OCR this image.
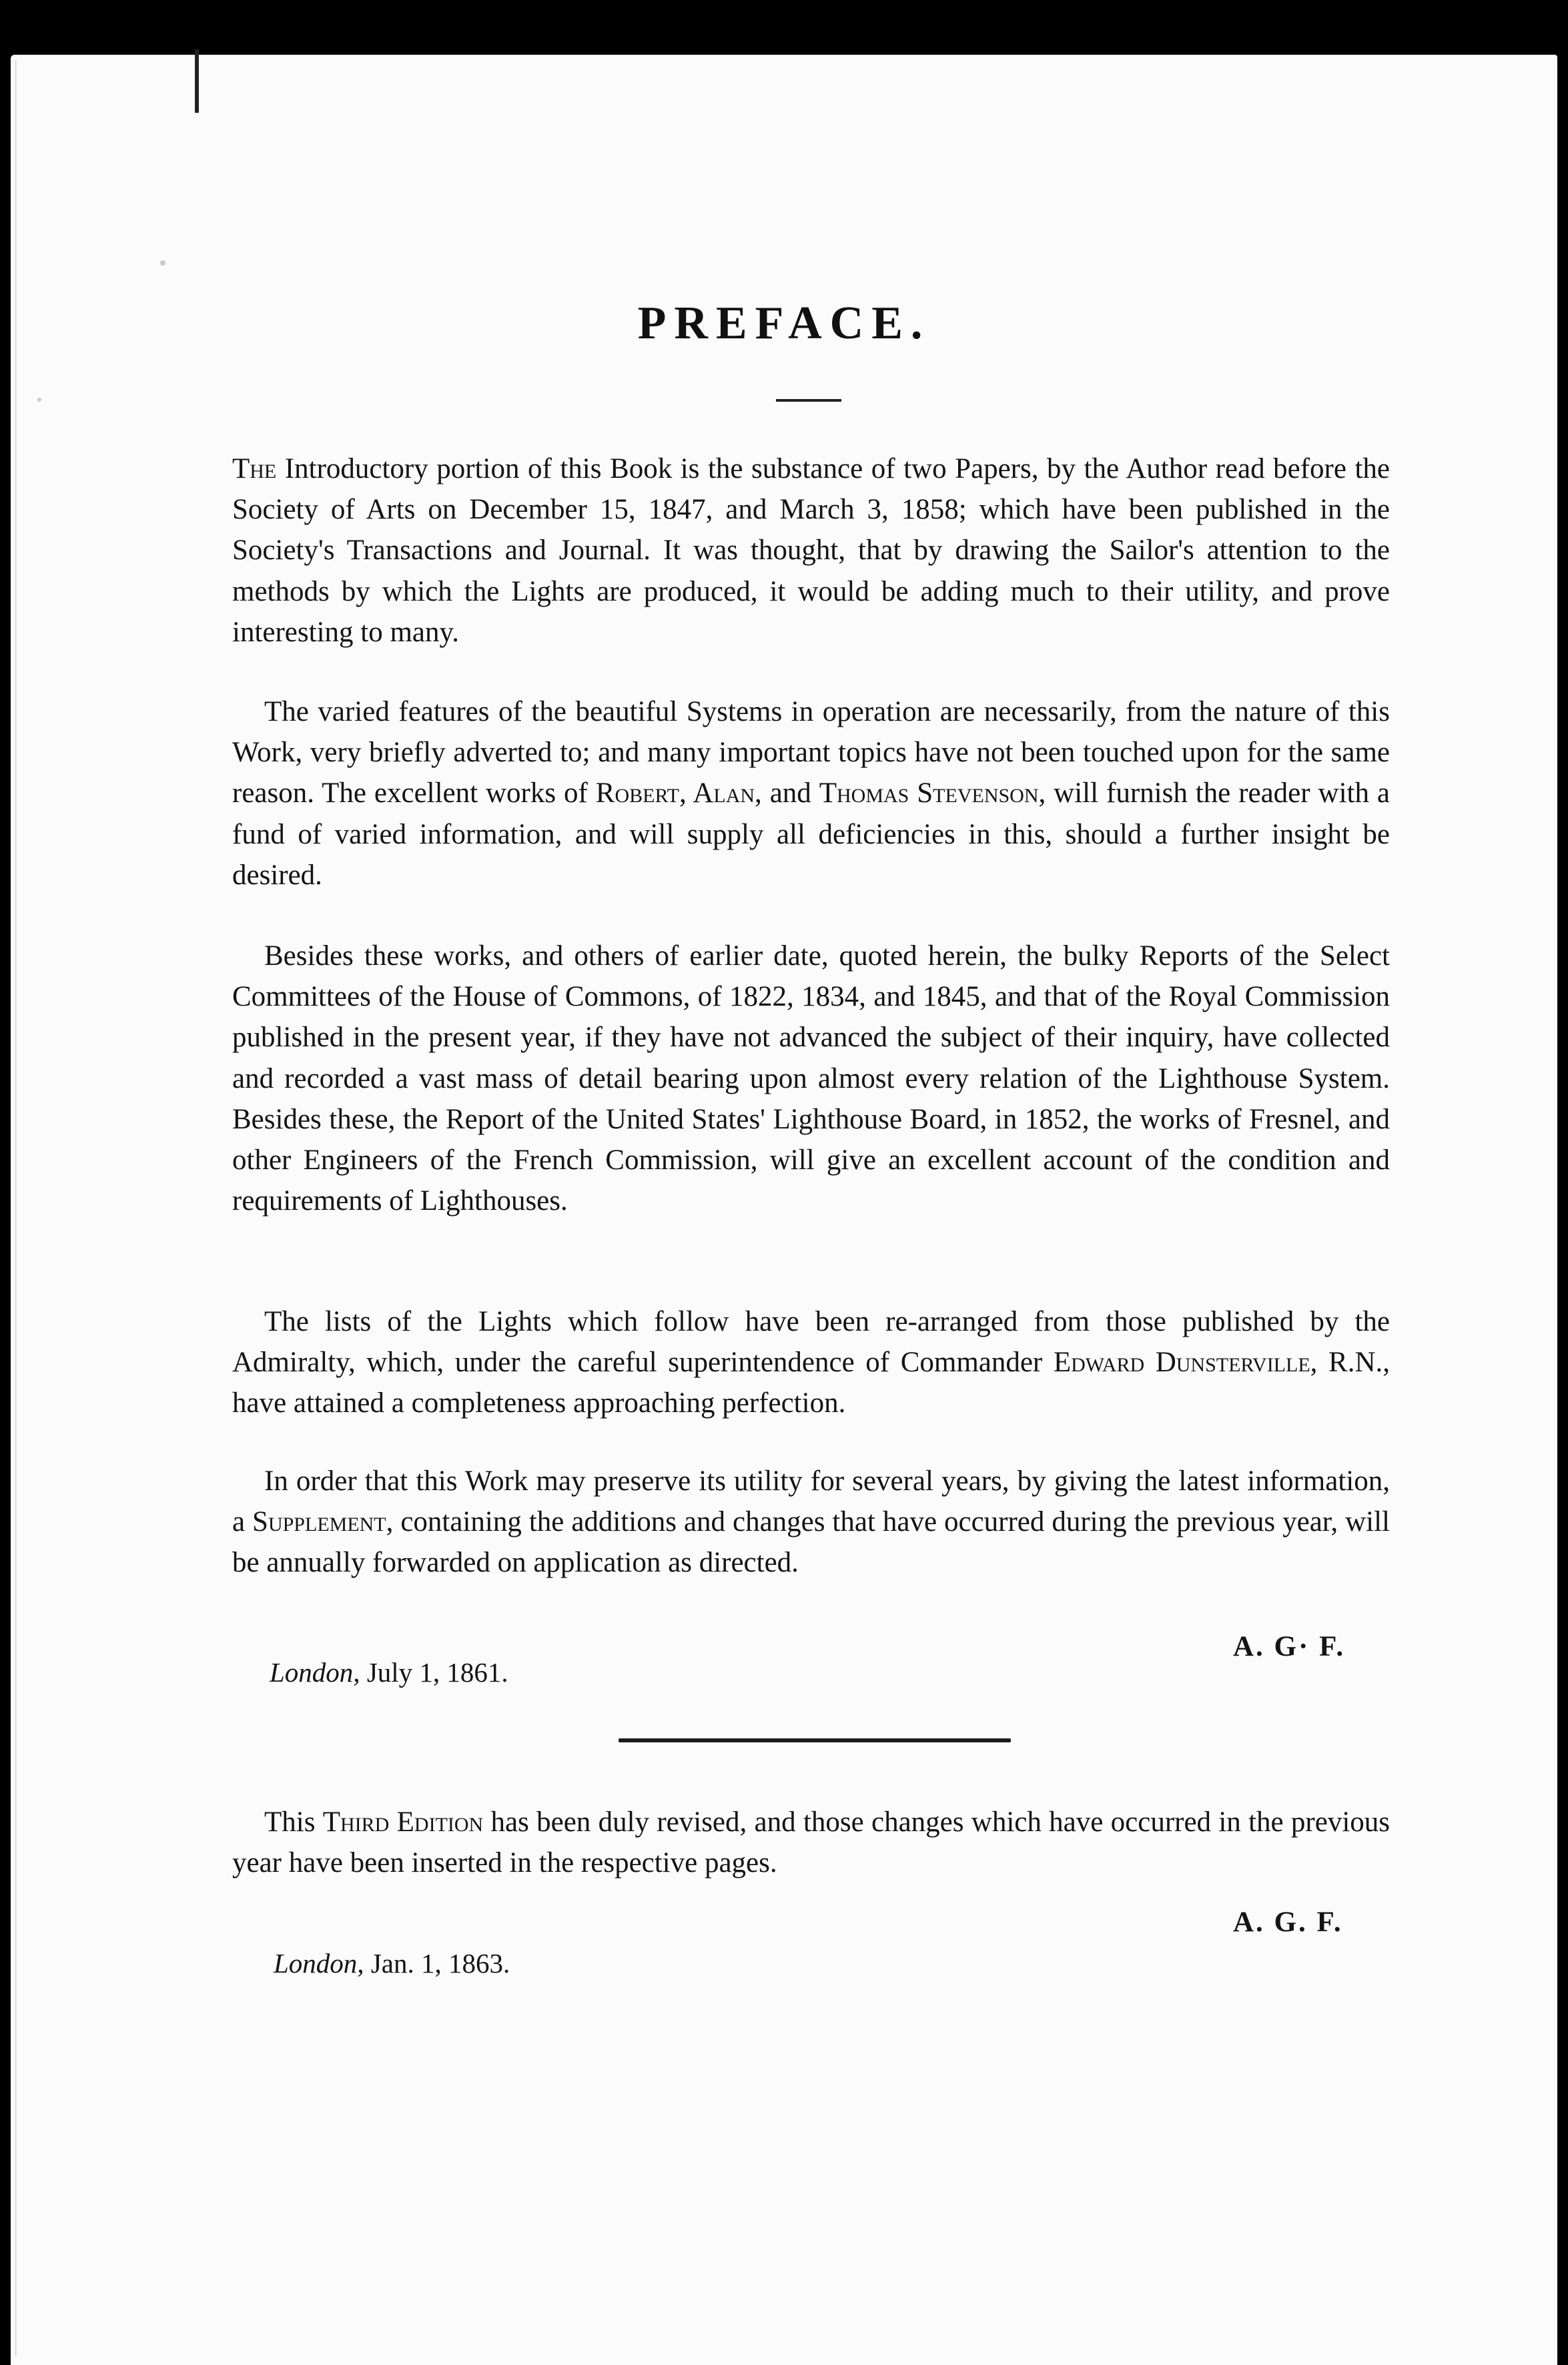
PREFACE.

The Introductory portion of this Book is the substance of two Papers, by the Author read before the Society of Arts on December 15, 1847, and March 3, 1858; which have been published in the Society's Transactions and Journal. It was thought, that by drawing the Sailor's attention to the methods by which the Lights are produced, it would be adding much to their utility, and prove interesting to many.

The varied features of the beautiful Systems in operation are necessarily, from the nature of this Work, very briefly adverted to; and many important topics have not been touched upon for the same reason. The excellent works of Robert, Alan, and Thomas Stevenson, will furnish the reader with a fund of varied information, and will supply all deficiencies in this, should a further insight be desired.

Besides these works, and others of earlier date, quoted herein, the bulky Reports of the Select Committees of the House of Commons, of 1822, 1834, and 1845, and that of the Royal Commission published in the present year, if they have not advanced the subject of their inquiry, have collected and recorded a vast mass of detail bearing upon almost every relation of the Lighthouse System. Besides these, the Report of the United States' Lighthouse Board, in 1852, the works of Fresnel, and other Engineers of the French Commission, will give an excellent account of the condition and requirements of Lighthouses.

The lists of the Lights which follow have been re-arranged from those published by the Admiralty, which, under the careful superintendence of Commander Edward Dunsterville, R.N., have attained a completeness approaching perfection.

In order that this Work may preserve its utility for several years, by giving the latest information, a Supplement, containing the additions and changes that have occurred during the previous year, will be annually forwarded on application as directed.

A. G· F.
London, July 1, 1861.

This Third Edition has been duly revised, and those changes which have occurred in the previous year have been inserted in the respective pages.

A. G. F.
London, Jan. 1, 1863.
